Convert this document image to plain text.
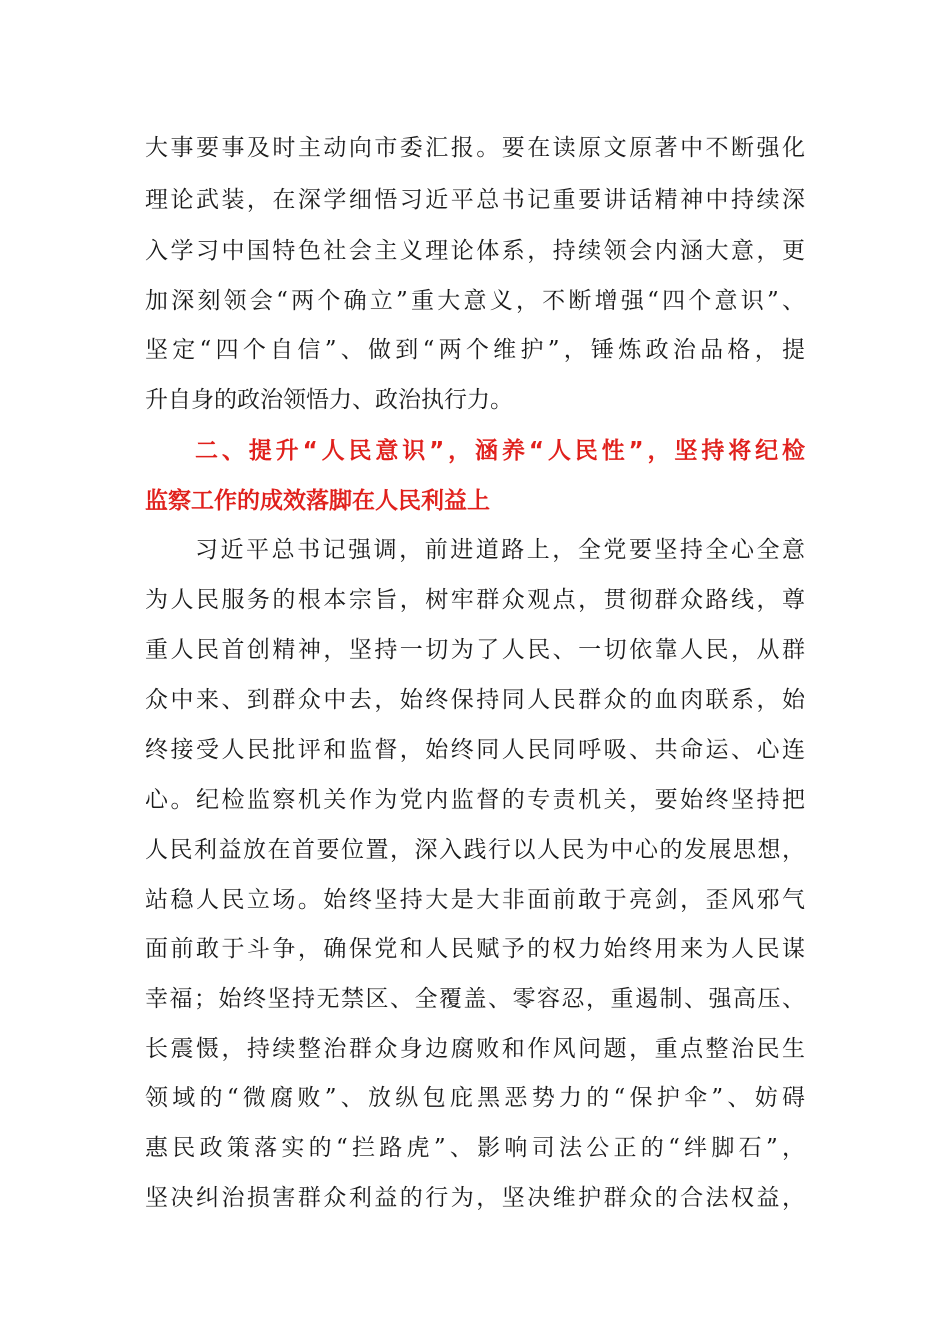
大事要事及时主动向市委汇报。要在读原文原著中不断强化
理论武装，在深学细悟习近平总书记重要讲话精神中持续深
入学习中国特色社会主义理论体系，持续领会内涵大意，更
加深刻领会“两个确立”重大意义，不断增强“四个意识”、
坚定“四个自信”、做到“两个维护”，锤炼政治品格，提
升自身的政治领悟力、政治执行力。
二、提升“人民意识”，涵养“人民性”，坚持将纪检
监察工作的成效落脚在人民利益上
习近平总书记强调，前进道路上，全党要坚持全心全意
为人民服务的根本宗旨，树牢群众观点，贯彻群众路线，尊
重人民首创精神，坚持一切为了人民、一切依靠人民，从群
众中来、到群众中去，始终保持同人民群众的血肉联系，始
终接受人民批评和监督，始终同人民同呼吸、共命运、心连
心。纪检监察机关作为党内监督的专责机关，要始终坚持把
人民利益放在首要位置，深入践行以人民为中心的发展思想，
站稳人民立场。始终坚持大是大非面前敢于亮剑，歪风邪气
面前敢于斗争，确保党和人民赋予的权力始终用来为人民谋
幸福；始终坚持无禁区、全覆盖、零容忍，重遏制、强高压、
长震慑，持续整治群众身边腐败和作风问题，重点整治民生
领域的“微腐败”、放纵包庇黑恶势力的“保护伞”、妨碍
惠民政策落实的“拦路虎”、影响司法公正的“绊脚石”，
坚决纠治损害群众利益的行为，坚决维护群众的合法权益，
